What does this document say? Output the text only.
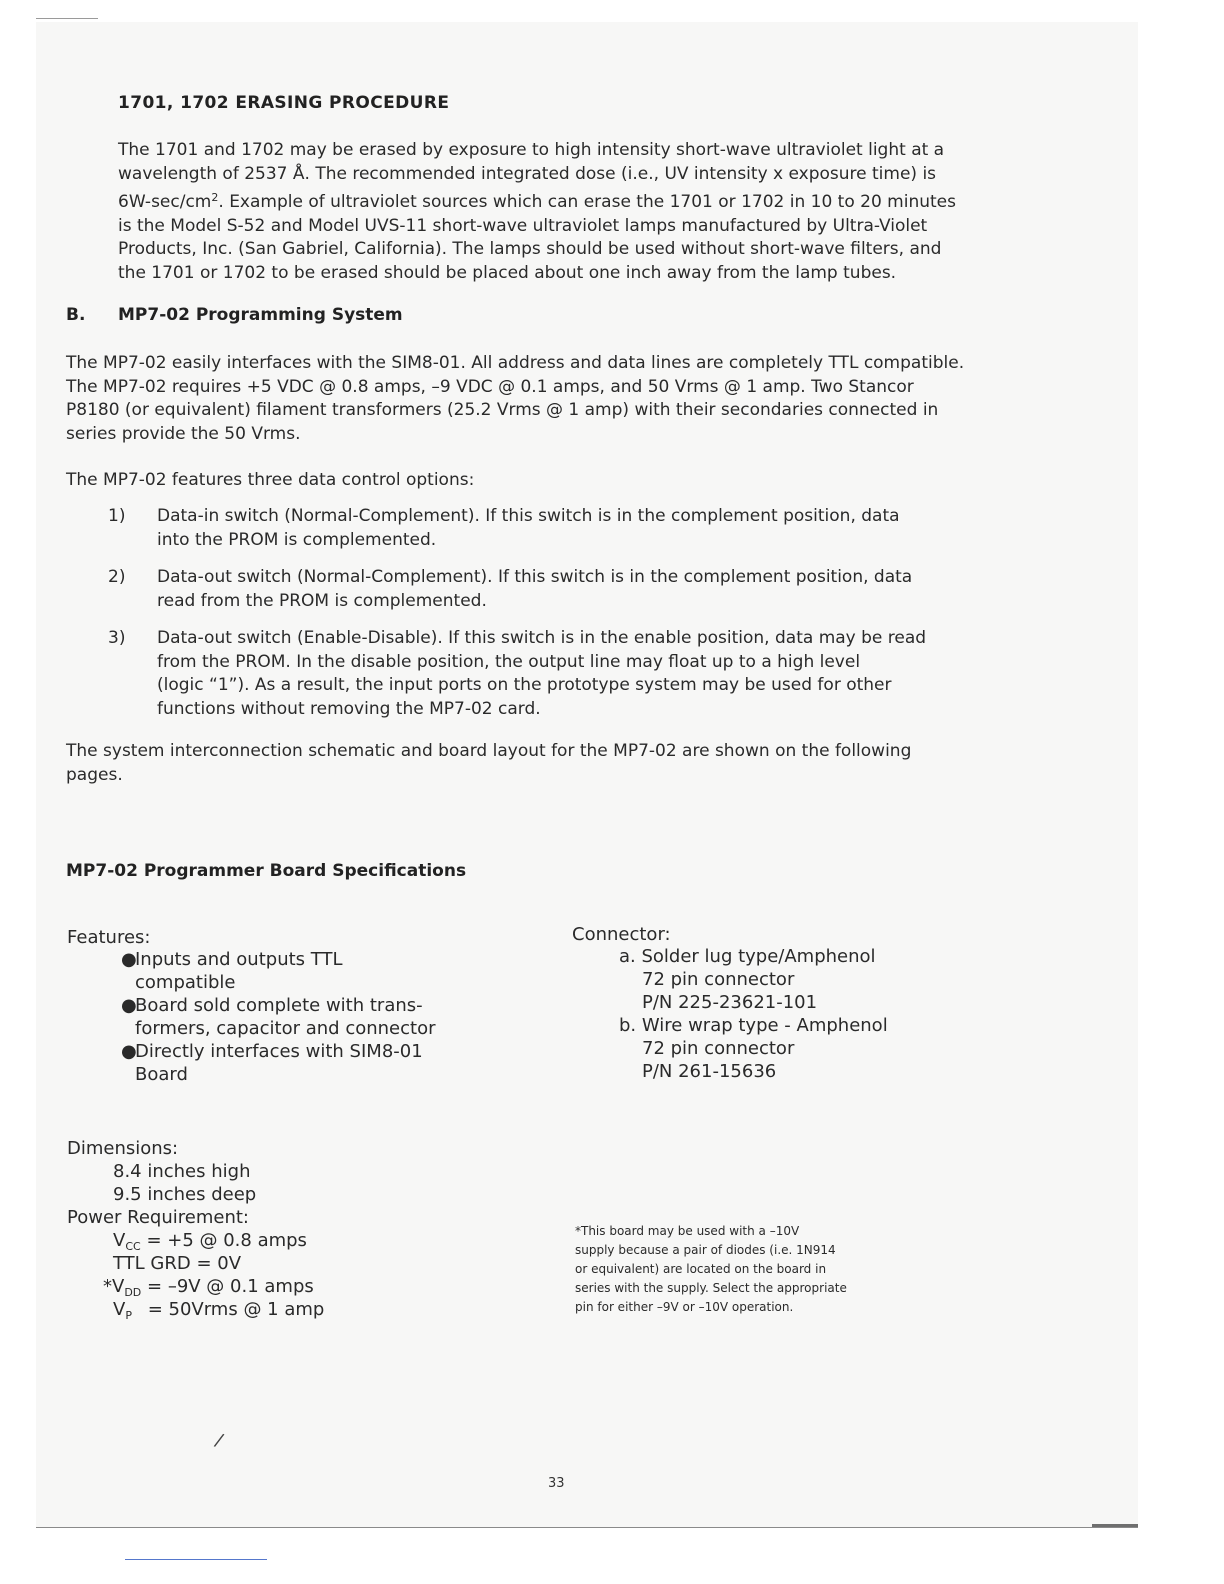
1701, 1702 ERASING PROCEDURE
The 1701 and 1702 may be erased by exposure to high intensity short-wave ultraviolet light at a
wavelength of 2537 Å. The recommended integrated dose (i.e., UV intensity x exposure time) is
$6W-\sec/cm^2$. Example of ultraviolet sources which can erase the 1701 or 1702 in 10 to 20 minutes
is the Model S-52 and Model UVS-11 short-wave ultraviolet lamps manufactured by Ultra-Violet
Products, Inc. (San Gabriel, California). The lamps should be used without short-wave filters, and
the 1701 or 1702 to be erased should be placed about one inch away from the lamp tubes.
B. MP7-02 Programming System
The MP7-02 easily interfaces with the SIM8-01. All address and data lines are completely TTL compatible.
The MP7-02 requires +5 VDC @ 0.8 amps, –9 VDC @ 0.1 amps, and 50 Vrms @ 1 amp. Two Stancor
P8180 (or equivalent) filament transformers (25.2 Vrms @ 1 amp) with their secondaries connected in
series provide the 50 Vrms.
The MP7-02 features three data control options:
1) Data-in switch (Normal-Complement). If this switch is in the complement position, data
into the PROM is complemented.
2) Data-out switch (Normal-Complement). If this switch is in the complement position, data
read from the PROM is complemented.
3) Data-out switch (Enable-Disable). If this switch is in the enable position, data may be read
from the PROM. In the disable position, the output line may float up to a high level
(logic “1”). As a result, the input ports on the prototype system may be used for other
functions without removing the MP7-02 card.
The system interconnection schematic and board layout for the MP7-02 are shown on the following
pages.
MP7-02 Programmer Board Specifications
Features:
●
Inputs and outputs TTL
compatible
●
Board sold complete with trans-
formers, capacitor and connector
●
Directly interfaces with SIM8-01
Board
Connector:
a. Solder lug type/Amphenol
72 pin connector
P/N 225-23621-101
b. Wire wrap type - Amphenol
72 pin connector
P/N 261-15636
Dimensions:
8.4 inches high
9.5 inches deep
Power Requirement:
$V_{CC} = +5$ @ 0.8 amps
TTL GRD = 0V
$*V_{DD} = -9V$ @ 0.1 amps
$V_P$ = 50Vrms @ 1 amp
*This board may be used with a –10V
supply because a pair of diodes (i.e. 1N914
or equivalent) are located on the board in
series with the supply. Select the appropriate
pin for either –9V or –10V operation.
/
33
